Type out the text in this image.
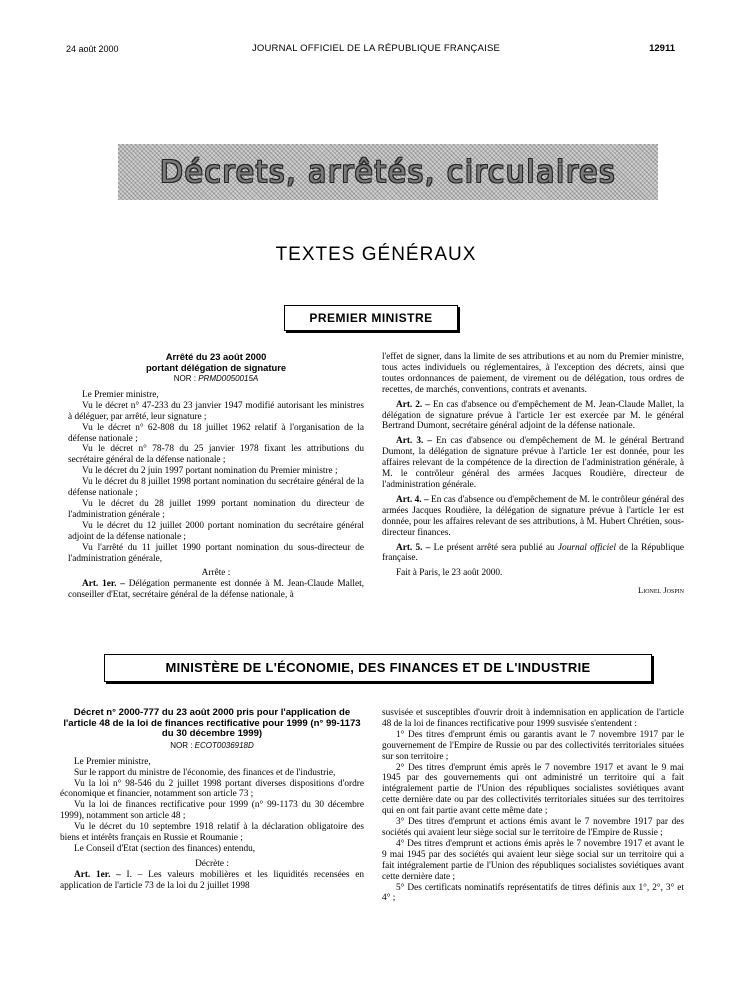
24 août 2000	JOURNAL OFFICIEL DE LA RÉPUBLIQUE FRANÇAISE	12911
Décrets, arrêtés, circulaires
TEXTES GÉNÉRAUX
PREMIER MINISTRE
Arrêté du 23 août 2000
portant délégation de signature
NOR : PRMD0050015A

Le Premier ministre,

Vu le décret n° 47-233 du 23 janvier 1947 modifié autorisant les ministres à déléguer, par arrêté, leur signature ;

Vu le décret n° 62-808 du 18 juillet 1962 relatif à l'organisation de la défense nationale ;

Vu le décret n° 78-78 du 25 janvier 1978 fixant les attributions du secrétaire général de la défense nationale ;

Vu le décret du 2 juin 1997 portant nomination du Premier ministre ;

Vu le décret du 8 juillet 1998 portant nomination du secrétaire général de la défense nationale ;

Vu le décret du 28 juillet 1999 portant nomination du directeur de l'administration générale ;

Vu le décret du 12 juillet 2000 portant nomination du secrétaire général adjoint de la défense nationale ;

Vu l'arrêté du 11 juillet 1990 portant nomination du sous-directeur de l'administration générale,

Arrête :

Art. 1er. – Délégation permanente est donnée à M. Jean-Claude Mallet, conseiller d'Etat, secrétaire général de la défense nationale, à

l'effet de signer, dans la limite de ses attributions et au nom du Premier ministre, tous actes individuels ou réglementaires, à l'exception des décrets, ainsi que toutes ordonnances de paiement, de virement ou de délégation, tous ordres de recettes, de marchés, conventions, contrats et avenants.

Art. 2. – En cas d'absence ou d'empêchement de M. Jean-Claude Mallet, la délégation de signature prévue à l'article 1er est exercée par M. le général Bertrand Dumont, secrétaire général adjoint de la défense nationale.

Art. 3. – En cas d'absence ou d'empêchement de M. le général Bertrand Dumont, la délégation de signature prévue à l'article 1er est donnée, pour les affaires relevant de la compétence de la direction de l'administration générale, à M. le contrôleur général des armées Jacques Roudière, directeur de l'administration générale.

Art. 4. – En cas d'absence ou d'empêchement de M. le contrôleur général des armées Jacques Roudière, la délégation de signature prévue à l'article 1er est donnée, pour les affaires relevant de ses attributions, à M. Hubert Chrétien, sous-directeur finances.

Art. 5. – Le présent arrêté sera publié au Journal officiel de la République française.

Fait à Paris, le 23 août 2000.

Lionel Jospin
MINISTÈRE DE L'ÉCONOMIE, DES FINANCES ET DE L'INDUSTRIE
Décret n° 2000-777 du 23 août 2000 pris pour l'application de l'article 48 de la loi de finances rectificative pour 1999 (n° 99-1173 du 30 décembre 1999)
NOR : ECOT0036918D

Le Premier ministre,

Sur le rapport du ministre de l'économie, des finances et de l'industrie,

Vu la loi n° 98-546 du 2 juillet 1998 portant diverses dispositions d'ordre économique et financier, notamment son article 73 ;

Vu la loi de finances rectificative pour 1999 (n° 99-1173 du 30 décembre 1999), notamment son article 48 ;

Vu le décret du 10 septembre 1918 relatif à la déclaration obligatoire des biens et intérêts français en Russie et Roumanie ;

Le Conseil d'Etat (section des finances) entendu,

Décrète :

Art. 1er. – I. – Les valeurs mobilières et les liquidités recensées en application de l'article 73 de la loi du 2 juillet 1998

susvisée et susceptibles d'ouvrir droit à indemnisation en application de l'article 48 de la loi de finances rectificative pour 1999 susvisée s'entendent :

1° Des titres d'emprunt émis ou garantis avant le 7 novembre 1917 par le gouvernement de l'Empire de Russie ou par des collectivités territoriales situées sur son territoire ;

2° Des titres d'emprunt émis après le 7 novembre 1917 et avant le 9 mai 1945 par des gouvernements qui ont administré un territoire qui a fait intégralement partie de l'Union des républiques socialistes soviétiques avant cette dernière date ou par des collectivités territoriales situées sur des territoires qui en ont fait partie avant cette même date ;

3° Des titres d'emprunt et actions émis avant le 7 novembre 1917 par des sociétés qui avaient leur siège social sur le territoire de l'Empire de Russie ;

4° Des titres d'emprunt et actions émis après le 7 novembre 1917 et avant le 9 mai 1945 par des sociétés qui avaient leur siège social sur un territoire qui a fait intégralement partie de l'Union des républiques socialistes soviétiques avant cette dernière date ;

5° Des certificats nominatifs représentatifs de titres définis aux 1°, 2°, 3° et 4° ;
